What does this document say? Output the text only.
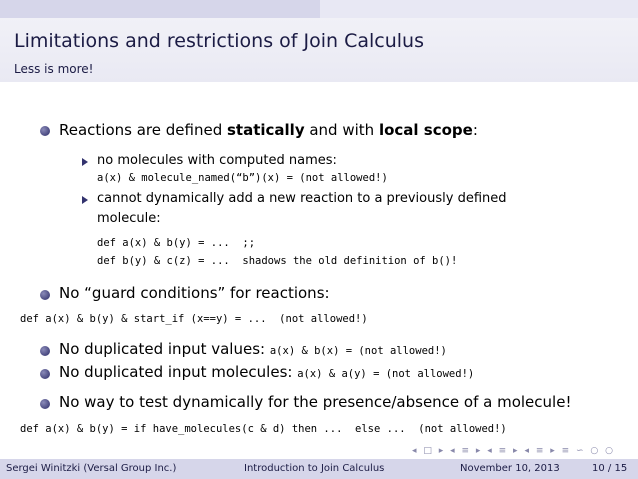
Limitations and restrictions of Join Calculus
Less is more!
Reactions are defined statically and with local scope:
no molecules with computed names:
a(x) & molecule_named(“b”)(x) = (not allowed!)
cannot dynamically add a new reaction to a previously defined
molecule:
def a(x) & b(y) = ...  ;;
def b(y) & c(z) = ...  shadows the old definition of b()!
No “guard conditions” for reactions:
def a(x) & b(y) & start_if (x==y) = ...  (not allowed!)
No duplicated input values: a(x) & b(x) = (not allowed!)
No duplicated input molecules: a(x) & a(y) = (not allowed!)
No way to test dynamically for the presence/absence of a molecule!
def a(x) & b(y) = if have_molecules(c & d) then ...  else ...  (not allowed!)
◂ □ ▸ ◂ ≡ ▸ ◂ ≡ ▸ ◂ ≡ ▸ ≡ ∽ ○ ○
Sergei Winitzki (Versal Group Inc.)	Introduction to Join Calculus	November 10, 2013	10 / 15
